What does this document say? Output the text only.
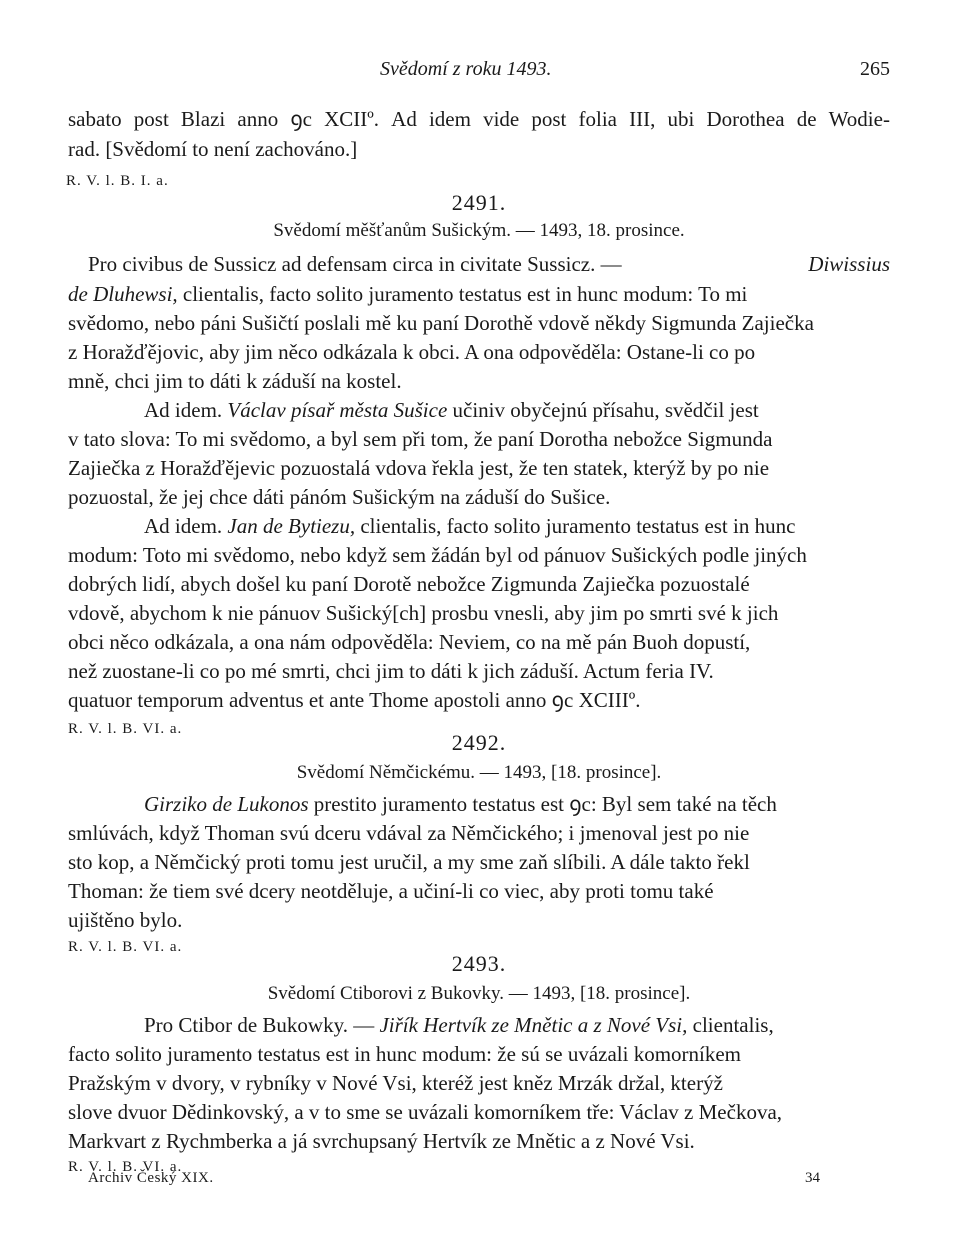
Svědomí z roku 1493.	265
sabato post Blazi anno ꝯc XCIIº. Ad idem vide post folia III, ubi Dorothea de Wodie-
rad. [Svědomí to není zachováno.]
R. V. l. B. I. a.
2491.
Svědomí měšťanům Sušickým. — 1493, 18. prosince.
Pro civibus de Sussicz ad defensam circa in civitate Sussicz. —	Diwissius
de Dluhewsi, clientalis, facto solito juramento testatus est in hunc modum: To mi
svědomo, nebo páni Sušičtí poslali mě ku paní Dorothě vdově někdy Sigmunda Zajiečka
z Horažďějovic, aby jim něco odkázala k obci. A ona odpověděla: Ostane-li co po
mně, chci jim to dáti k záduší na kostel.
Ad idem. Václav písař města Sušice učiniv obyčejnú přísahu, svědčil jest
v tato slova: To mi svědomo, a byl sem při tom, že paní Dorotha nebožce Sigmunda
Zajiečka z Horažďějevic pozuostalá vdova řekla jest, že ten statek, kterýž by po nie
pozuostal, že jej chce dáti pánóm Sušickým na záduší do Sušice.
Ad idem. Jan de Bytiezu, clientalis, facto solito juramento testatus est in hunc
modum: Toto mi svědomo, nebo když sem žádán byl od pánuov Sušických podle jiných
dobrých lidí, abych došel ku paní Dorotě nebožce Zigmunda Zajiečka pozuostalé
vdově, abychom k nie pánuov Sušický[ch] prosbu vnesli, aby jim po smrti své k jich
obci něco odkázala, a ona nám odpověděla: Neviem, co na mě pán Buoh dopustí,
než zuostane-li co po mé smrti, chci jim to dáti k jich záduší. Actum feria IV.
quatuor temporum adventus et ante Thome apostoli anno ꝯc XCIIIº.
R. V. l. B. VI. a.
2492.
Svědomí Němčickému. — 1493, [18. prosince].
Girziko de Lukonos prestito juramento testatus est ꝯc: Byl sem také na těch
smlúvách, když Thoman svú dceru vdával za Němčického; i jmenoval jest po nie
sto kop, a Němčický proti tomu jest uručil, a my sme zaň slíbili. A dále takto řekl
Thoman: že tiem své dcery neotděluje, a učiní-li co viec, aby proti tomu také
ujištěno bylo.
R. V. l. B. VI. a.
2493.
Svědomí Ctiborovi z Bukovky. — 1493, [18. prosince].
Pro Ctibor de Bukowky. — Jiřík Hertvík ze Mnětic a z Nové Vsi, clientalis,
facto solito juramento testatus est in hunc modum: že sú se uvázali komorníkem
Pražským v dvory, v rybníky v Nové Vsi, kteréž jest kněz Mrzák držal, kterýž
slove dvuor Dědinkovský, a v to sme se uvázali komorníkem tře: Václav z Mečkova,
Markvart z Rychmberka a já svrchupsaný Hertvík ze Mnětic a z Nové Vsi.
R. V. l. B. VI. a.
Archiv Český XIX.	34
